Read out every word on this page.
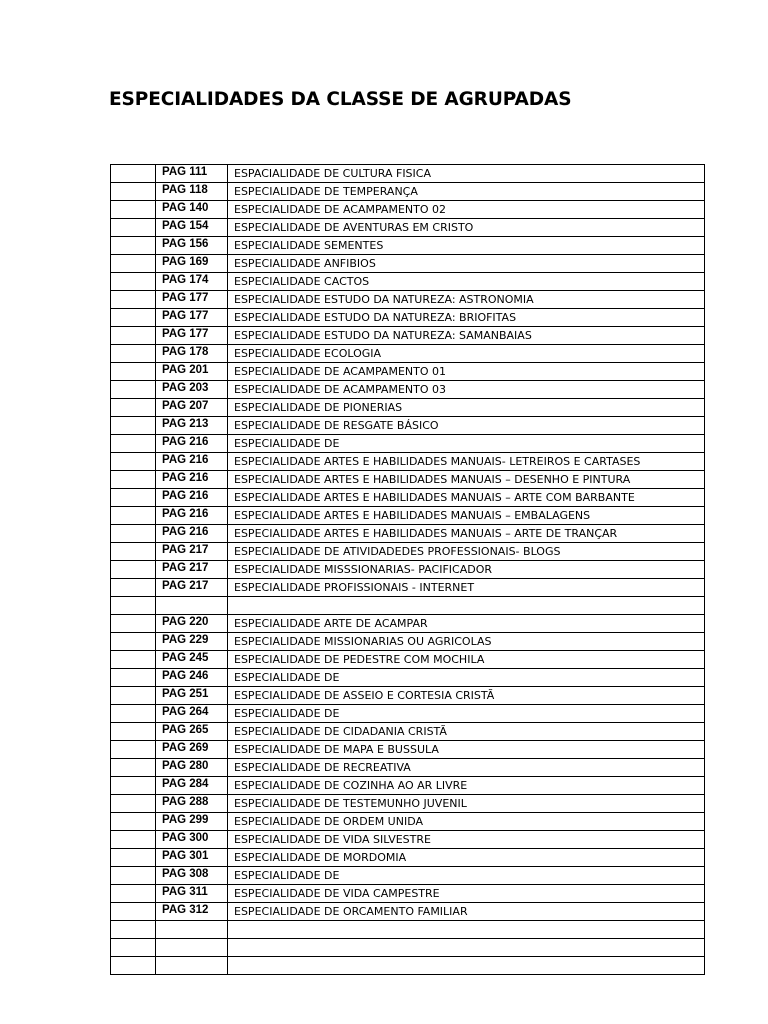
ESPECIALIDADES DA CLASSE DE AGRUPADAS
	PAG 111	ESPACIALIDADE DE CULTURA FISICA
	PAG 118	ESPECIALIDADE DE TEMPERANÇA
	PAG 140	ESPECIALIDADE DE ACAMPAMENTO 02
	PAG 154	ESPECIALIDADE DE AVENTURAS EM CRISTO
	PAG 156	ESPECIALIDADE SEMENTES
	PAG 169	ESPECIALIDADE ANFIBIOS
	PAG 174	ESPECIALIDADE CACTOS
	PAG 177	ESPECIALIDADE ESTUDO DA NATUREZA: ASTRONOMIA
	PAG 177	ESPECIALIDADE ESTUDO DA NATUREZA: BRIOFITAS
	PAG 177	ESPECIALIDADE ESTUDO DA NATUREZA: SAMANBAIAS
	PAG 178	ESPECIALIDADE ECOLOGIA
	PAG 201	ESPECIALIDADE DE ACAMPAMENTO 01
	PAG 203	ESPECIALIDADE DE ACAMPAMENTO 03
	PAG 207	ESPECIALIDADE DE PIONERIAS
	PAG 213	ESPECIALIDADE DE RESGATE BÁSICO
	PAG 216	ESPECIALIDADE DE
	PAG 216	ESPECIALIDADE ARTES E HABILIDADES MANUAIS- LETREIROS E CARTASES
	PAG 216	ESPECIALIDADE ARTES E HABILIDADES MANUAIS – DESENHO E PINTURA
	PAG 216	ESPECIALIDADE ARTES E HABILIDADES MANUAIS – ARTE COM BARBANTE
	PAG 216	ESPECIALIDADE ARTES E HABILIDADES MANUAIS – EMBALAGENS
	PAG 216	ESPECIALIDADE ARTES E HABILIDADES MANUAIS – ARTE DE TRANÇAR
	PAG 217	ESPECIALIDADE DE ATIVIDADEDES PROFESSIONAIS- BLOGS
	PAG 217	ESPECIALIDADE MISSSIONARIAS- PACIFICADOR
	PAG 217	ESPECIALIDADE PROFISSIONAIS - INTERNET

	PAG 220	ESPECIALIDADE ARTE DE ACAMPAR
	PAG 229	ESPECIALIDADE MISSIONARIAS OU AGRICOLAS
	PAG 245	ESPECIALIDADE DE PEDESTRE COM MOCHILA
	PAG 246	ESPECIALIDADE DE
	PAG 251	ESPECIALIDADE DE ASSEIO E CORTESIA CRISTÃ
	PAG 264	ESPECIALIDADE DE
	PAG 265	ESPECIALIDADE DE CIDADANIA CRISTÃ
	PAG 269	ESPECIALIDADE DE MAPA E BUSSULA
	PAG 280	ESPECIALIDADE DE RECREATIVA
	PAG 284	ESPECIALIDADE DE COZINHA AO AR LIVRE
	PAG 288	ESPECIALIDADE DE TESTEMUNHO JUVENIL
	PAG 299	ESPECIALIDADE DE ORDEM UNIDA
	PAG 300	ESPECIALIDADE DE VIDA SILVESTRE
	PAG 301	ESPECIALIDADE DE MORDOMIA
	PAG 308	ESPECIALIDADE DE
	PAG 311	ESPECIALIDADE DE VIDA CAMPESTRE
	PAG 312	ESPECIALIDADE DE ORCAMENTO FAMILIAR
